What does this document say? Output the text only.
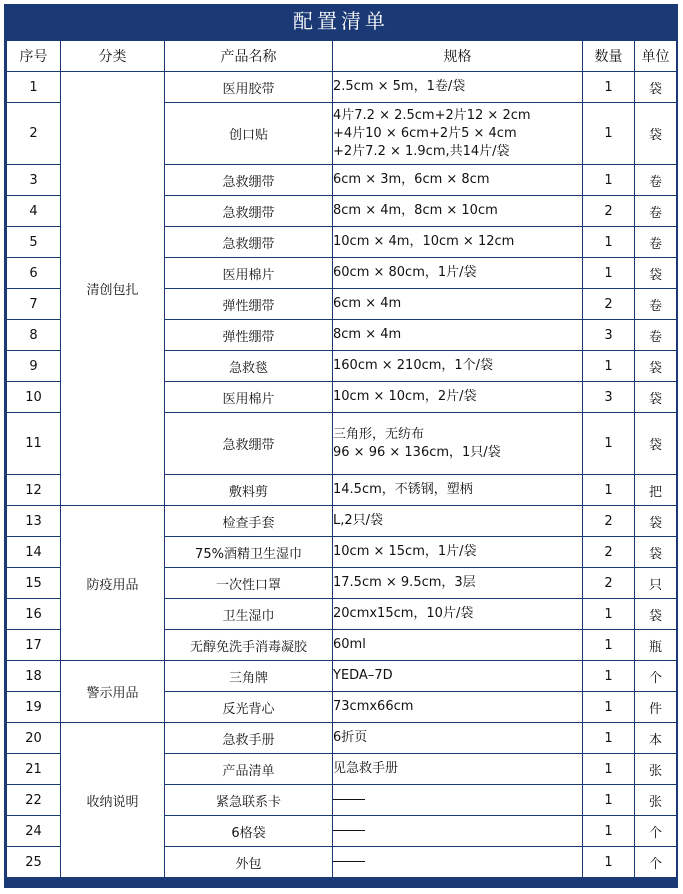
配置清单
序号	分类	产品名称	规格	数量	单位
1	清创包扎	医用胶带	2.5cm × 5m，1卷/袋	1	袋
2		创口贴	4片7.2 × 2.5cm+2片12 × 2cm
+4片10 × 6cm+2片5 × 4cm
+2片7.2 × 1.9cm,共14片/袋	1	袋
3		急救绷带	6cm × 3m，6cm × 8cm	1	卷
4		急救绷带	8cm × 4m，8cm × 10cm	2	卷
5		急救绷带	10cm × 4m，10cm × 12cm	1	卷
6		医用棉片	60cm × 80cm，1片/袋	1	袋
7		弹性绷带	6cm × 4m	2	卷
8		弹性绷带	8cm × 4m	3	卷
9		急救毯	160cm × 210cm，1个/袋	1	袋
10		医用棉片	10cm × 10cm，2片/袋	3	袋
11		急救绷带	三角形，无纺布
96 × 96 × 136cm，1只/袋	1	袋
12		敷料剪	14.5cm，不锈钢，塑柄	1	把
13	防疫用品	检查手套	L,2只/袋	2	袋
14		75%酒精卫生湿巾	10cm × 15cm，1片/袋	2	袋
15		一次性口罩	17.5cm × 9.5cm，3层	2	只
16		卫生湿巾	20cmx15cm，10片/袋	1	袋
17		无醇免洗手消毒凝胶	60ml	1	瓶
18	警示用品	三角牌	YEDA–7D	1	个
19		反光背心	73cmx66cm	1	件
20	收纳说明	急救手册	6折页	1	本
21		产品清单	见急救手册	1	张
22		紧急联系卡		1	张
24		6格袋		1	个
25		外包		1	个
